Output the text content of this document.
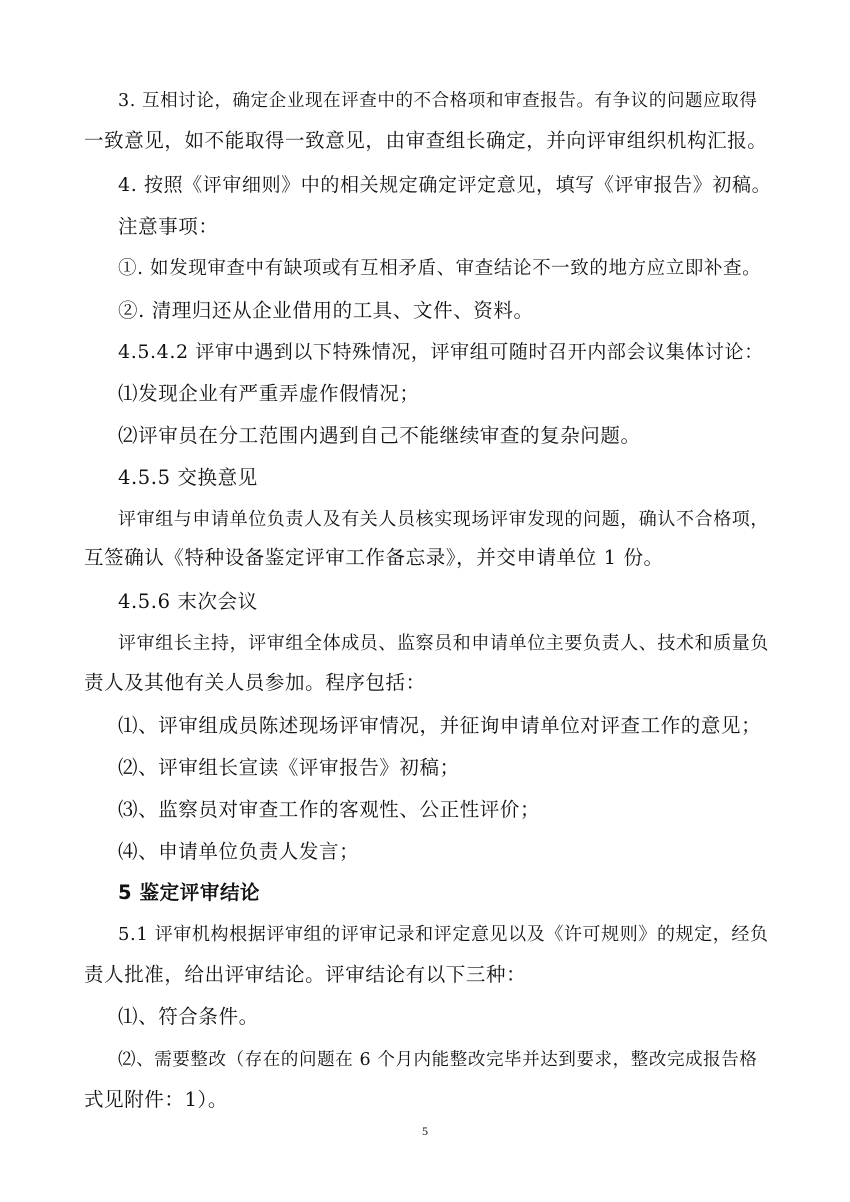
3. 互相讨论，确定企业现在评查中的不合格项和审查报告。有争议的问题应取得
一致意见，如不能取得一致意见，由审查组长确定，并向评审组织机构汇报。
4. 按照《评审细则》中的相关规定确定评定意见，填写《评审报告》初稿。
注意事项：
①. 如发现审查中有缺项或有互相矛盾、审查结论不一致的地方应立即补查。
②. 清理归还从企业借用的工具、文件、资料。
4.5.4.2 评审中遇到以下特殊情况，评审组可随时召开内部会议集体讨论：
⑴发现企业有严重弄虚作假情况；
⑵评审员在分工范围内遇到自己不能继续审查的复杂问题。
4.5.5 交换意见
评审组与申请单位负责人及有关人员核实现场评审发现的问题，确认不合格项，
互签确认《特种设备鉴定评审工作备忘录》，并交申请单位 1 份。
4.5.6 末次会议
评审组长主持，评审组全体成员、监察员和申请单位主要负责人、技术和质量负
责人及其他有关人员参加。程序包括：
⑴、评审组成员陈述现场评审情况，并征询申请单位对评查工作的意见；
⑵、评审组长宣读《评审报告》初稿；
⑶、监察员对审查工作的客观性、公正性评价；
⑷、申请单位负责人发言；
5 鉴定评审结论
5.1 评审机构根据评审组的评审记录和评定意见以及《许可规则》的规定，经负
责人批准，给出评审结论。评审结论有以下三种：
⑴、符合条件。
⑵、需要整改（存在的问题在 6 个月内能整改完毕并达到要求，整改完成报告格
式见附件：1）。
5
